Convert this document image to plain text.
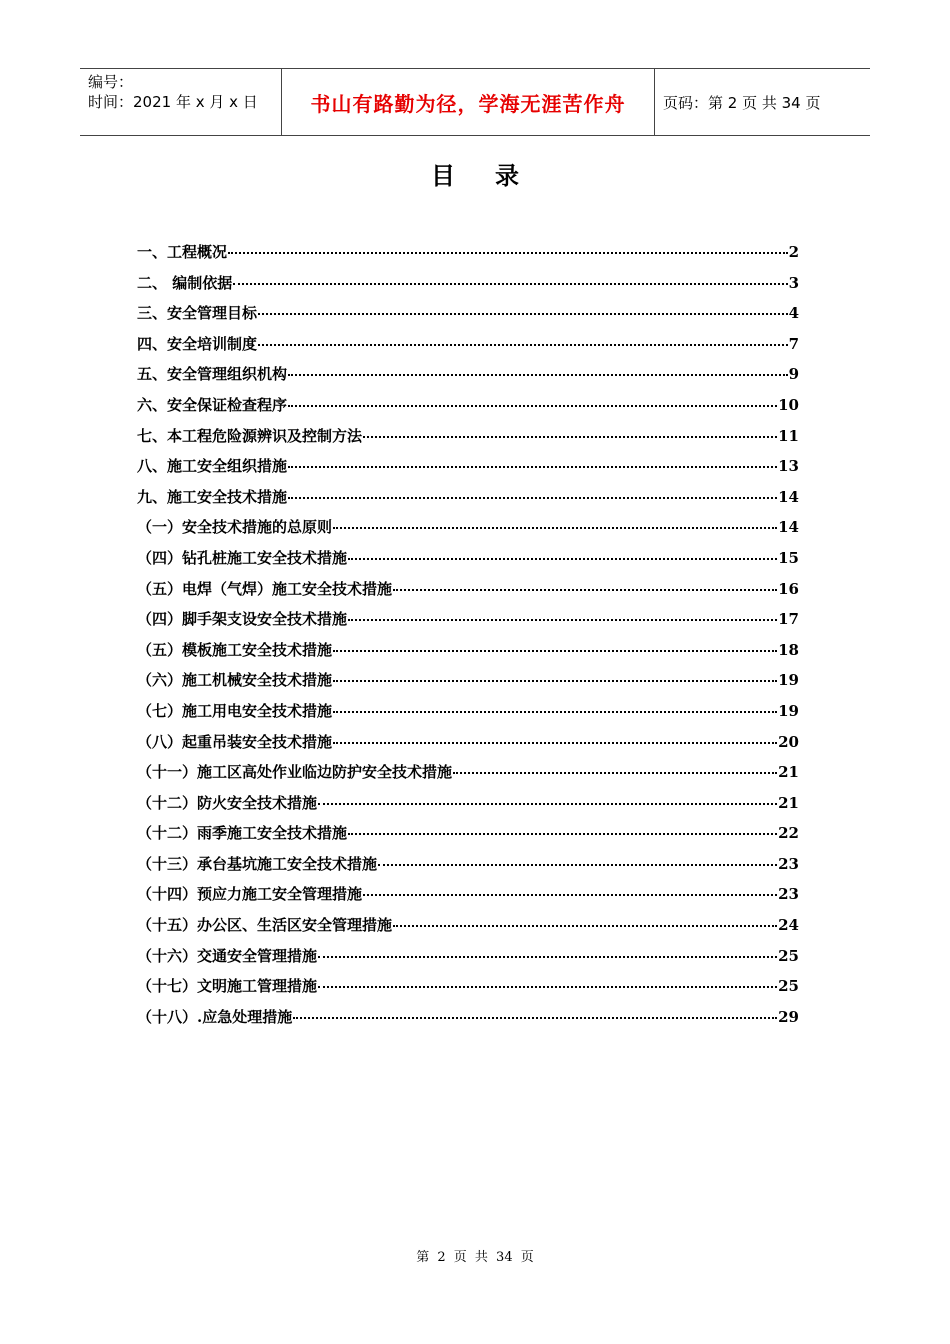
编号：
时间：2021 年 x 月 x 日	书山有路勤为径，学海无涯苦作舟	页码：第 2 页 共 34 页
目 录
一、工程概况	2
二、 编制依据	3
三、安全管理目标	4
四、安全培训制度	7
五、安全管理组织机构	9
六、安全保证检查程序	10
七、本工程危险源辨识及控制方法	11
八、施工安全组织措施	13
九、施工安全技术措施	14
（一）安全技术措施的总原则	14
（四）钻孔桩施工安全技术措施	15
（五）电焊（气焊）施工安全技术措施	16
（四）脚手架支设安全技术措施	17
（五）模板施工安全技术措施	18
（六）施工机械安全技术措施	19
（七）施工用电安全技术措施	19
（八）起重吊装安全技术措施	20
（十一）施工区高处作业临边防护安全技术措施	21
（十二）防火安全技术措施	21
（十二）雨季施工安全技术措施	22
（十三）承台基坑施工安全技术措施	23
（十四）预应力施工安全管理措施	23
（十五）办公区、生活区安全管理措施	24
（十六）交通安全管理措施	25
（十七）文明施工管理措施	25
（十八）.应急处理措施	29
第 2 页 共 34 页
